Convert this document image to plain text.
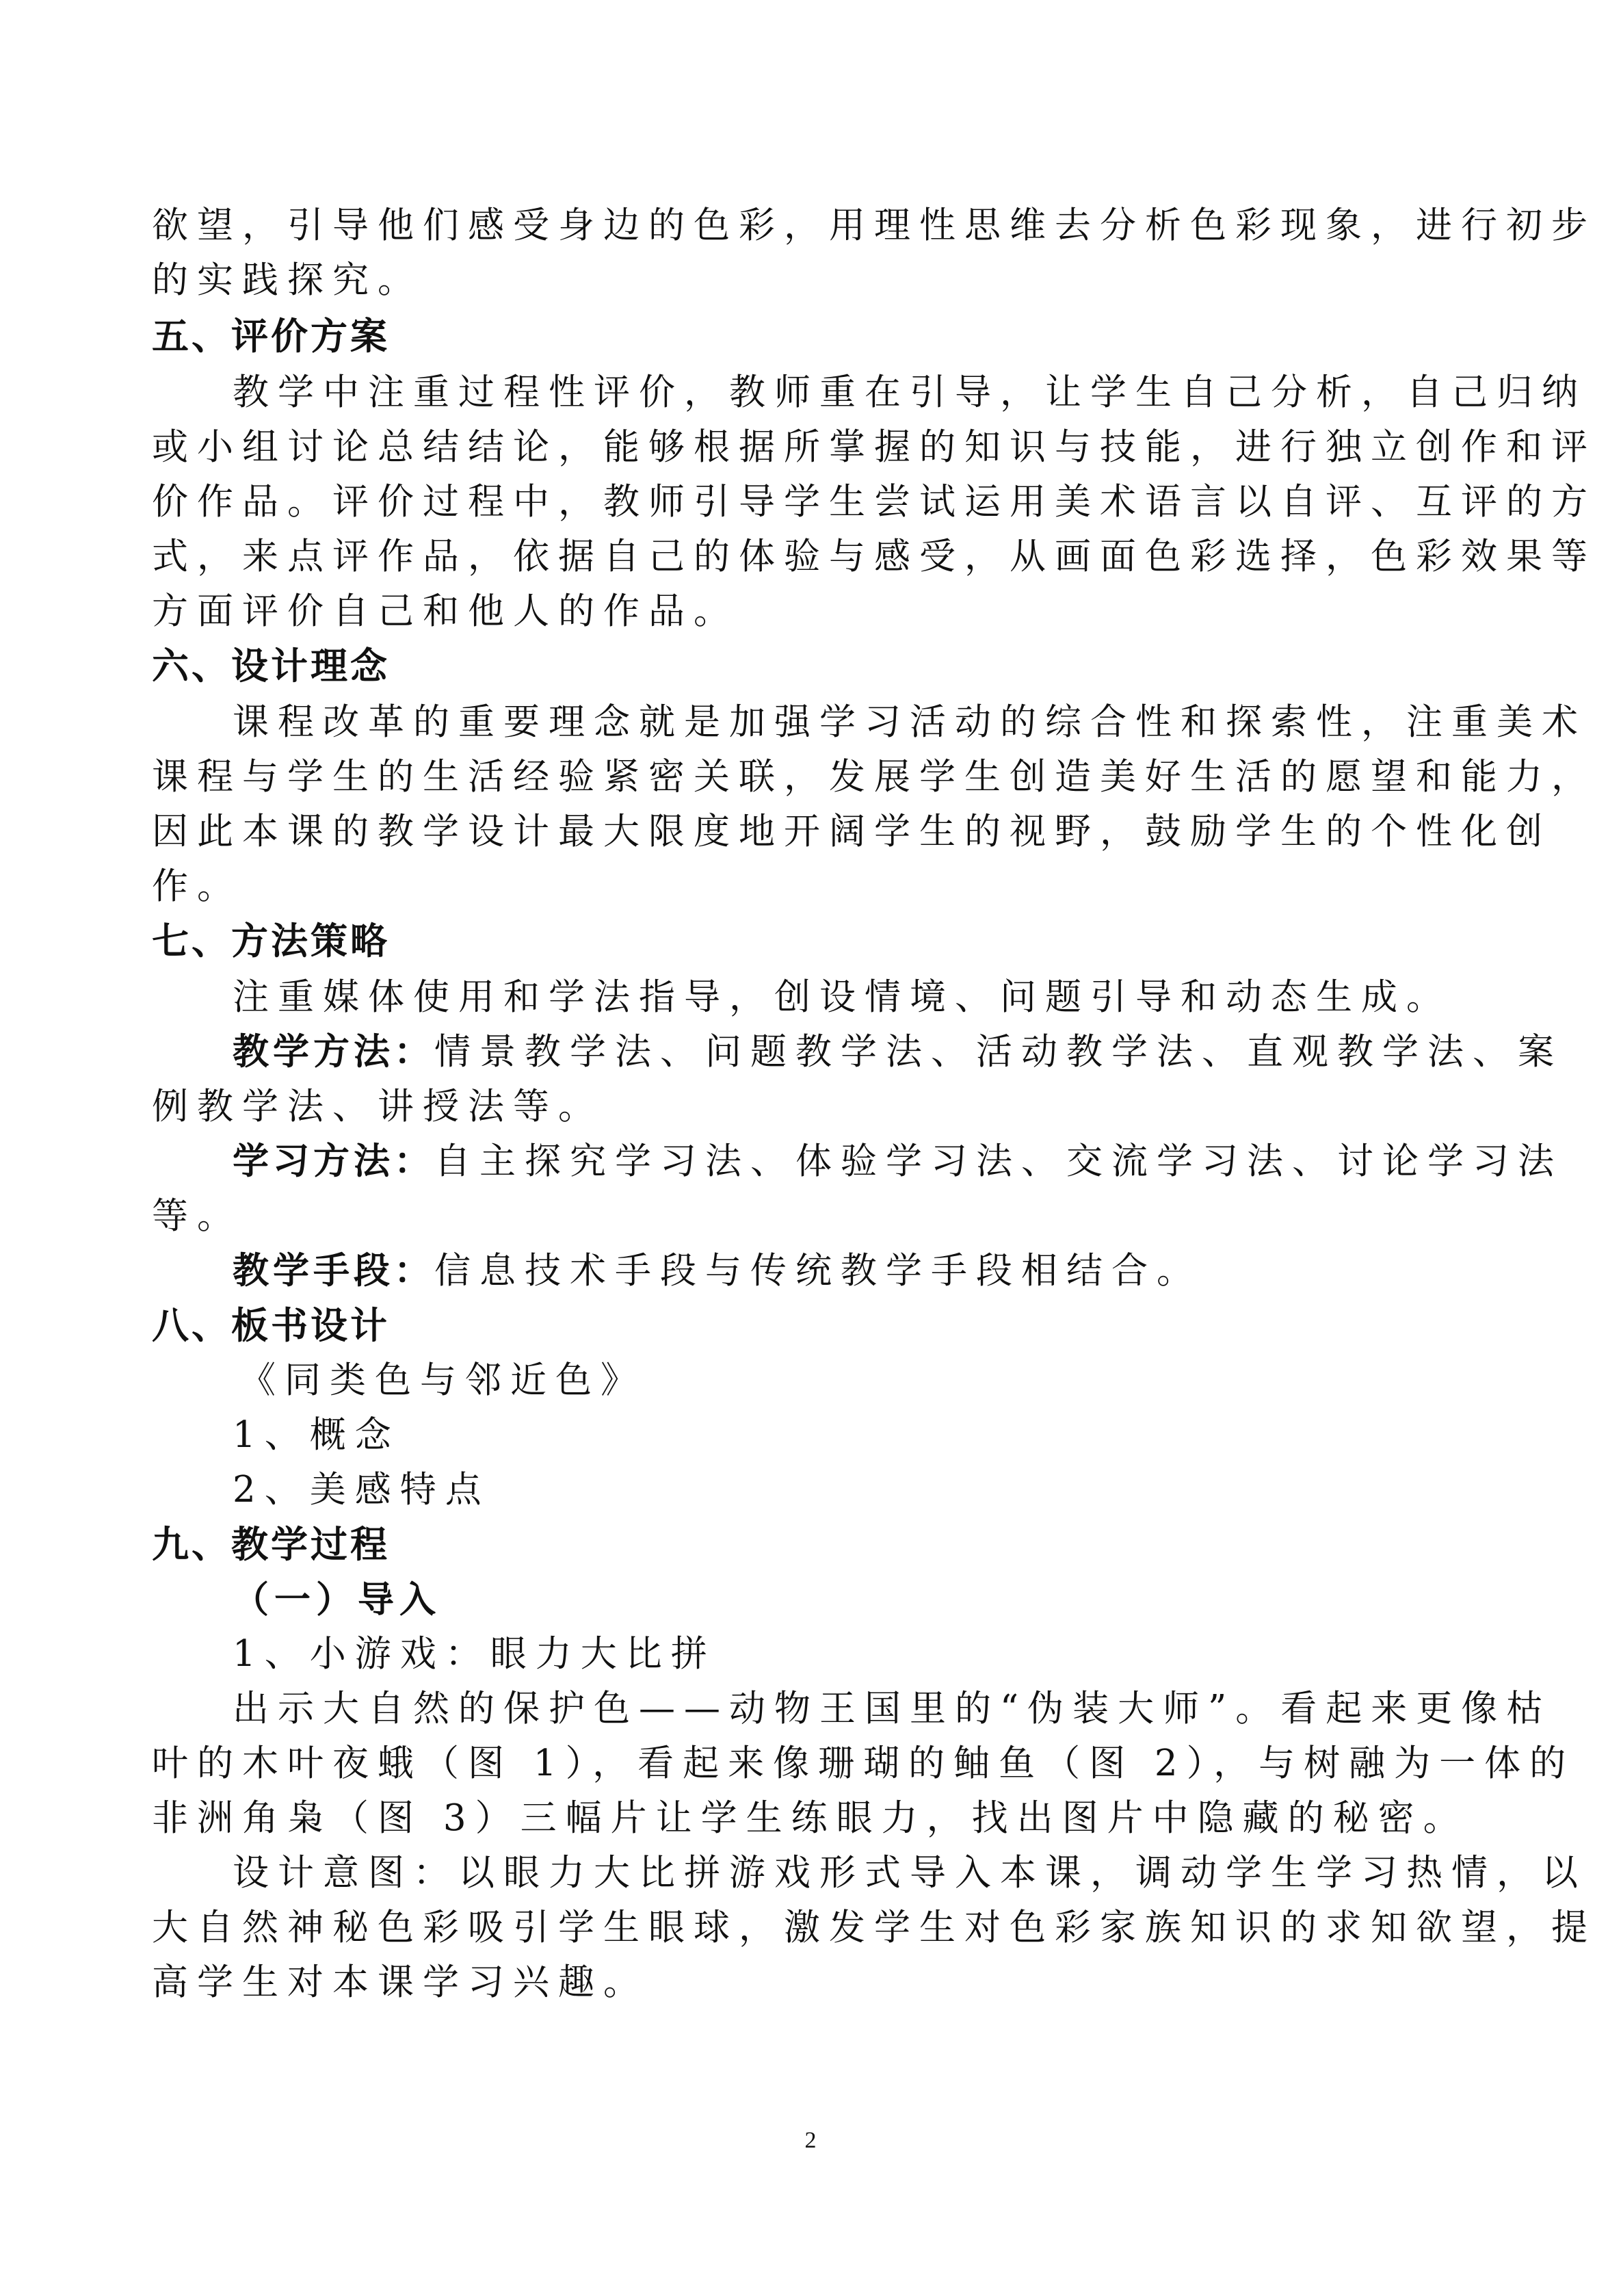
欲望，引导他们感受身边的色彩，用理性思维去分析色彩现象，进行初步
的实践探究。
五、评价方案
教学中注重过程性评价，教师重在引导，让学生自己分析，自己归纳
或小组讨论总结结论，能够根据所掌握的知识与技能，进行独立创作和评
价作品。评价过程中，教师引导学生尝试运用美术语言以自评、互评的方
式，来点评作品，依据自己的体验与感受，从画面色彩选择，色彩效果等
方面评价自己和他人的作品。
六、设计理念
课程改革的重要理念就是加强学习活动的综合性和探索性，注重美术
课程与学生的生活经验紧密关联，发展学生创造美好生活的愿望和能力，
因此本课的教学设计最大限度地开阔学生的视野，鼓励学生的个性化创
作。
七、方法策略
注重媒体使用和学法指导，创设情境、问题引导和动态生成。
教学方法：情景教学法、问题教学法、活动教学法、直观教学法、案
例教学法、讲授法等。
学习方法：自主探究学习法、体验学习法、交流学习法、讨论学习法
等。
教学手段：信息技术手段与传统教学手段相结合。
八、板书设计
《同类色与邻近色》
1、概念
2、美感特点
九、教学过程
（一）导入
1、小游戏：眼力大比拼
出示大自然的保护色——动物王国里的“伪装大师”。看起来更像枯
叶的木叶夜蛾（图 1），看起来像珊瑚的鲉鱼（图 2），与树融为一体的
非洲角枭（图 3）三幅片让学生练眼力，找出图片中隐藏的秘密。
设计意图：以眼力大比拼游戏形式导入本课，调动学生学习热情，以
大自然神秘色彩吸引学生眼球，激发学生对色彩家族知识的求知欲望，提
高学生对本课学习兴趣。
2
